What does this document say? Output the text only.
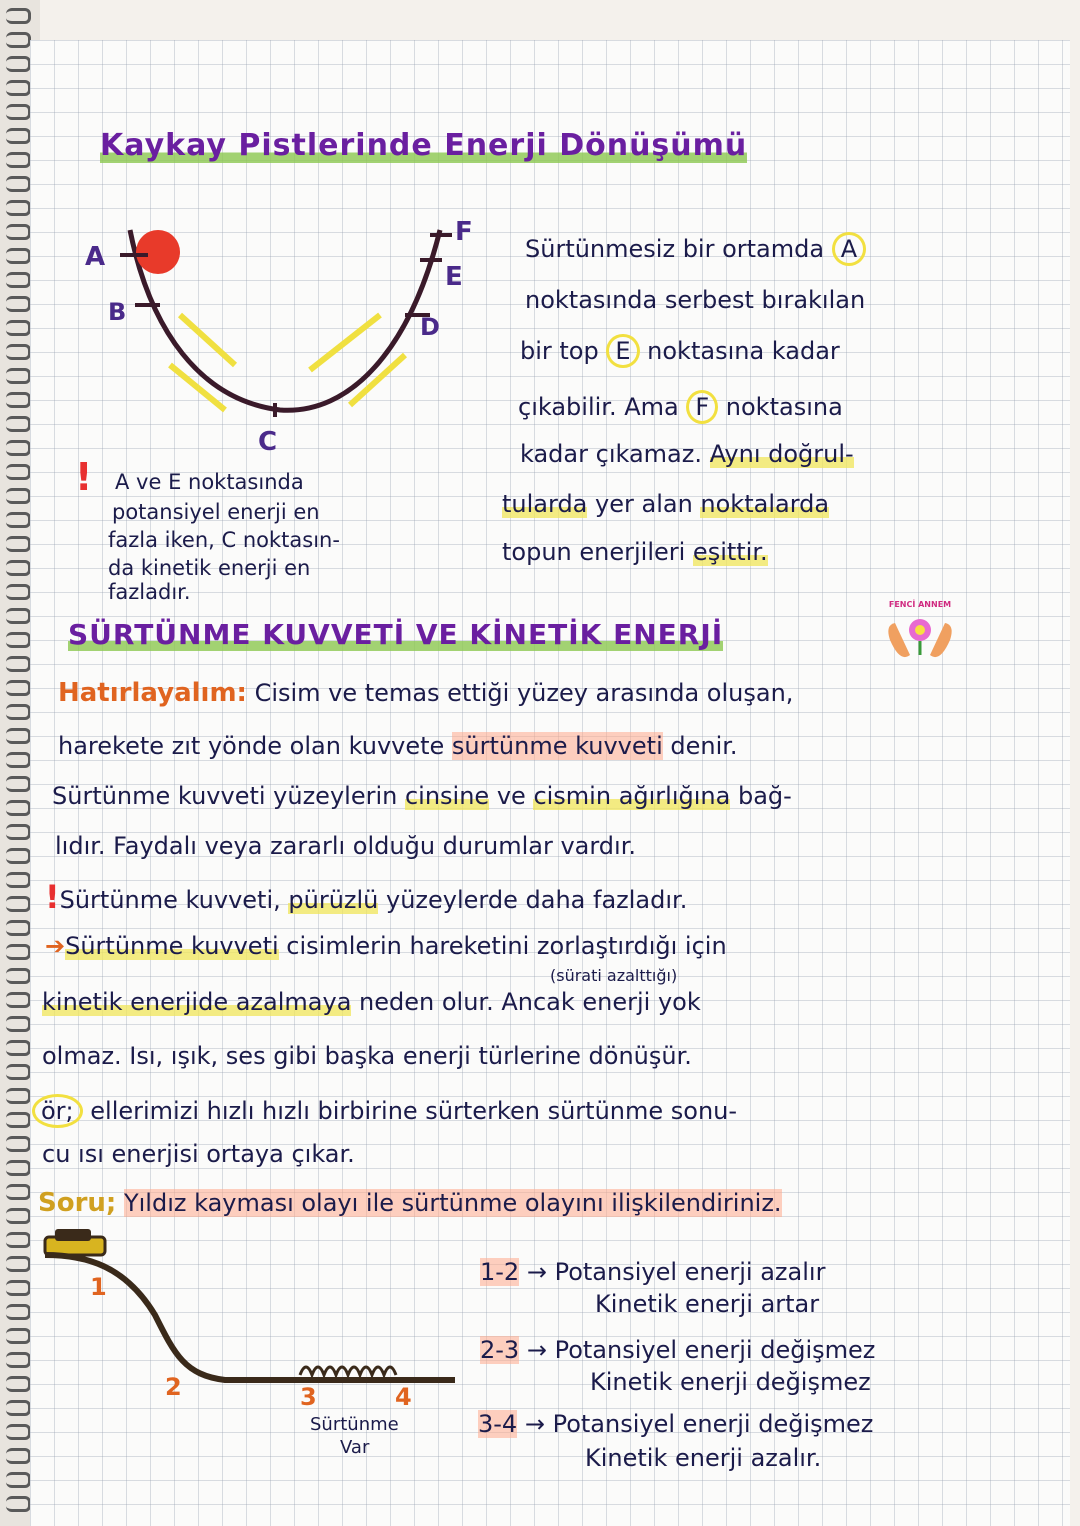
Kaykay Pistlerinde Enerji Dönüşümü
A
B
C
D
E
F
Sürtünmesiz bir ortamda A
noktasında serbest bırakılan
bir top E noktasına kadar
çıkabilir. Ama F noktasına
kadar çıkamaz. Aynı doğrul-
tularda yer alan noktalarda
topun enerjileri eşittir.
! A ve E noktasında
potansiyel enerji en
fazla iken, C noktasın-
da kinetik enerji en
fazladır.
SÜRTÜNME KUVVETİ VE KİNETİK ENERJİ
FENCİ ANNEM
Hatırlayalım: Cisim ve temas ettiği yüzey arasında oluşan,
harekete zıt yönde olan kuvvete sürtünme kuvveti denir.
Sürtünme kuvveti yüzeylerin cinsine ve cismin ağırlığına bağ-
lıdır. Faydalı veya zararlı olduğu durumlar vardır.
!Sürtünme kuvveti, pürüzlü yüzeylerde daha fazladır.
➔Sürtünme kuvveti cisimlerin hareketini zorlaştırdığı için
(sürati azalttığı)
kinetik enerjide azalmaya neden olur. Ancak enerji yok
olmaz. Isı, ışık, ses gibi başka enerji türlerine dönüşür.
ör; ellerimizi hızlı hızlı birbirine sürterken sürtünme sonu-
cu ısı enerjisi ortaya çıkar.
Soru; Yıldız kayması olayı ile sürtünme olayını ilişkilendiriniz.
1
2	3	4
Sürtünme
Var
1-2 → Potansiyel enerji azalır
Kinetik enerji artar
2-3 → Potansiyel enerji değişmez
Kinetik enerji değişmez
3-4 → Potansiyel enerji değişmez
Kinetik enerji azalır.
